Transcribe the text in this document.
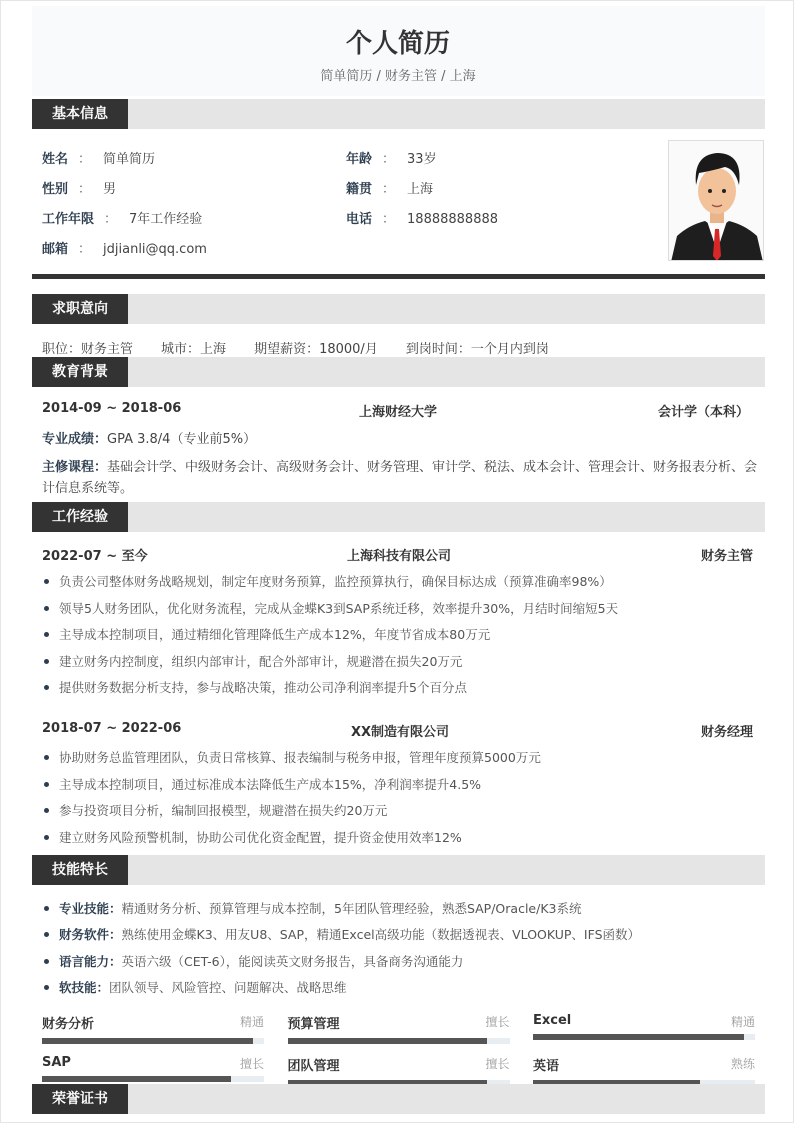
个人简历
简单简历 / 财务主管 / 上海
基本信息
姓名 ： 简单简历	年龄 ： 33岁
性别 ： 男	籍贯 ： 上海
工作年限 ： 7年工作经验	电话 ： 18888888888
邮箱 ： jdjianli@qq.com
求职意向
职位：财务主管 城市：上海 期望薪资：18000/月 到岗时间：一个月内到岗
教育背景
2014-09 ~ 2018-06	上海财经大学	会计学（本科）
专业成绩：GPA 3.8/4（专业前5%）
主修课程：基础会计学、中级财务会计、高级财务会计、财务管理、审计学、税法、成本会计、管理会计、财务报表分析、会
计信息系统等。
工作经验
2022-07 ~ 至今	上海科技有限公司	财务主管
负责公司整体财务战略规划，制定年度财务预算，监控预算执行，确保目标达成（预算准确率98%）
领导5人财务团队，优化财务流程，完成从金蝶K3到SAP系统迁移，效率提升30%，月结时间缩短5天
主导成本控制项目，通过精细化管理降低生产成本12%，年度节省成本80万元
建立财务内控制度，组织内部审计，配合外部审计，规避潜在损失20万元
提供财务数据分析支持，参与战略决策，推动公司净利润率提升5个百分点
2018-07 ~ 2022-06	XX制造有限公司	财务经理
协助财务总监管理团队，负责日常核算、报表编制与税务申报，管理年度预算5000万元
主导成本控制项目，通过标准成本法降低生产成本15%，净利润率提升4.5%
参与投资项目分析，编制回报模型，规避潜在损失约20万元
建立财务风险预警机制，协助公司优化资金配置，提升资金使用效率12%
技能特长
专业技能：精通财务分析、预算管理与成本控制，5年团队管理经验，熟悉SAP/Oracle/K3系统
财务软件：熟练使用金蝶K3、用友U8、SAP，精通Excel高级功能（数据透视表、VLOOKUP、IFS函数）
语言能力：英语六级（CET-6），能阅读英文财务报告，具备商务沟通能力
软技能：团队领导、风险管控、问题解决、战略思维
财务分析	精通 预算管理	擅长 Excel	精通
SAP	擅长 团队管理	擅长 英语	熟练
荣誉证书
